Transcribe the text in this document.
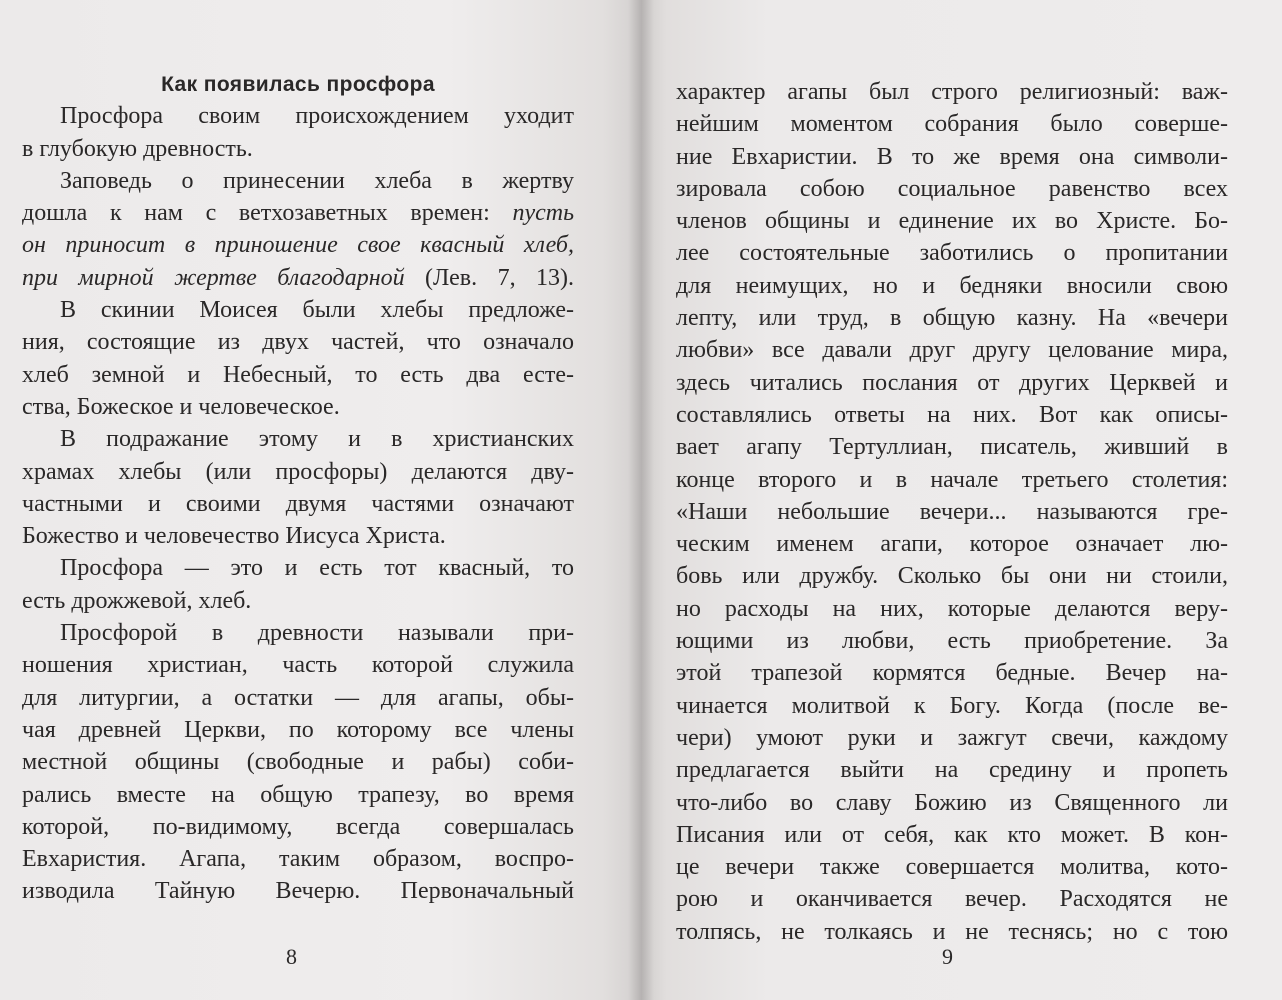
Как появилась просфора
Просфора своим происхождением уходит
в глубокую древность.
Заповедь о принесении хлеба в жертву
дошла к нам с ветхозаветных времен: пусть
он приносит в приношение свое квасный хлеб,
при мирной жертве благодарной (Лев. 7, 13).
В скинии Моисея были хлебы предложе-
ния, состоящие из двух частей, что означало
хлеб земной и Небесный, то есть два есте-
ства, Божеское и человеческое.
В подражание этому и в христианских
храмах хлебы (или просфоры) делаются дву-
частными и своими двумя частями означают
Божество и человечество Иисуса Христа.
Просфора — это и есть тот квасный, то
есть дрожжевой, хлеб.
Просфорой в древности называли при-
ношения христиан, часть которой служила
для литургии, а остатки — для агапы, обы-
чая древней Церкви, по которому все члены
местной общины (свободные и рабы) соби-
рались вместе на общую трапезу, во время
которой, по-видимому, всегда совершалась
Евхаристия. Агапа, таким образом, воспро-
изводила Тайную Вечерю. Первоначальный
8
характер агапы был строго религиозный: важ-
нейшим моментом собрания было соверше-
ние Евхаристии. В то же время она символи-
зировала собою социальное равенство всех
членов общины и единение их во Христе. Бо-
лее состоятельные заботились о пропитании
для неимущих, но и бедняки вносили свою
лепту, или труд, в общую казну. На «вечери
любви» все давали друг другу целование мира,
здесь читались послания от других Церквей и
составлялись ответы на них. Вот как описы-
вает агапу Тертуллиан, писатель, живший в
конце второго и в начале третьего столетия:
«Наши небольшие вечери... называются гре-
ческим именем агапи, которое означает лю-
бовь или дружбу. Сколько бы они ни стоили,
но расходы на них, которые делаются веру-
ющими из любви, есть приобретение. За
этой трапезой кормятся бедные. Вечер на-
чинается молитвой к Богу. Когда (после ве-
чери) умоют руки и зажгут свечи, каждому
предлагается выйти на средину и пропеть
что-либо во славу Божию из Священного ли
Писания или от себя, как кто может. В кон-
це вечери также совершается молитва, кото-
рою и оканчивается вечер. Расходятся не
толпясь, не толкаясь и не теснясь; но с тою
9
